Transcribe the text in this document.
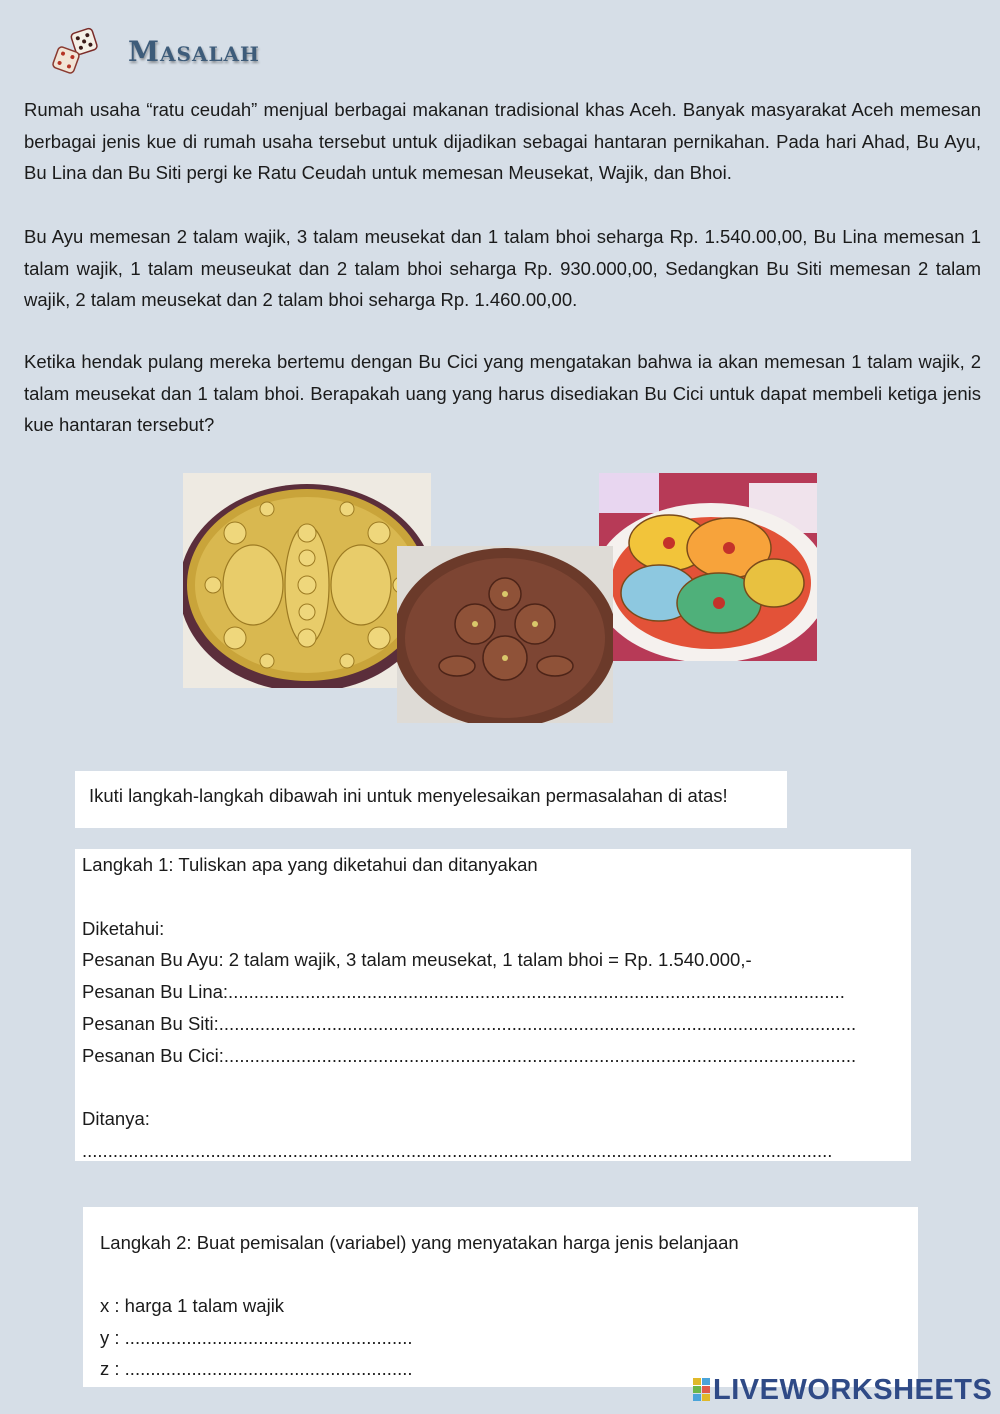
Masalah

Rumah usaha “ratu ceudah” menjual berbagai makanan tradisional khas Aceh. Banyak masyarakat Aceh memesan berbagai jenis kue di rumah usaha tersebut untuk dijadikan sebagai hantaran pernikahan. Pada hari Ahad, Bu Ayu, Bu Lina dan Bu Siti pergi ke Ratu Ceudah untuk memesan Meusekat, Wajik, dan Bhoi.

Bu Ayu memesan 2 talam wajik, 3 talam meusekat dan 1 talam bhoi seharga Rp. 1.540.00,00, Bu Lina memesan 1 talam wajik, 1 talam meuseukat dan 2 talam bhoi seharga Rp. 930.000,00, Sedangkan Bu Siti memesan 2 talam wajik, 2 talam meusekat dan 2 talam bhoi seharga Rp. 1.460.00,00.

Ketika hendak pulang mereka bertemu dengan Bu Cici yang mengatakan bahwa ia akan memesan 1 talam wajik, 2 talam meusekat dan 1 talam bhoi. Berapakah uang yang harus disediakan Bu Cici untuk dapat membeli ketiga jenis kue hantaran tersebut?

Ikuti langkah-langkah dibawah ini untuk menyelesaikan permasalahan di atas!
Langkah 1: Tuliskan apa yang diketahui dan ditanyakan
Diketahui:
Pesanan Bu Ayu: 2 talam wajik, 3 talam meusekat, 1 talam bhoi = Rp. 1.540.000,-
Pesanan Bu Lina:........................................................................................................................
Pesanan Bu Siti:............................................................................................................................
Pesanan Bu Cici:...........................................................................................................................
Ditanya:
..................................................................................................................................................
Langkah 2: Buat pemisalan (variabel) yang menyatakan harga jenis belanjaan
x : harga 1 talam wajik
y : ........................................................
z : ........................................................
LIVEWORKSHEETS
